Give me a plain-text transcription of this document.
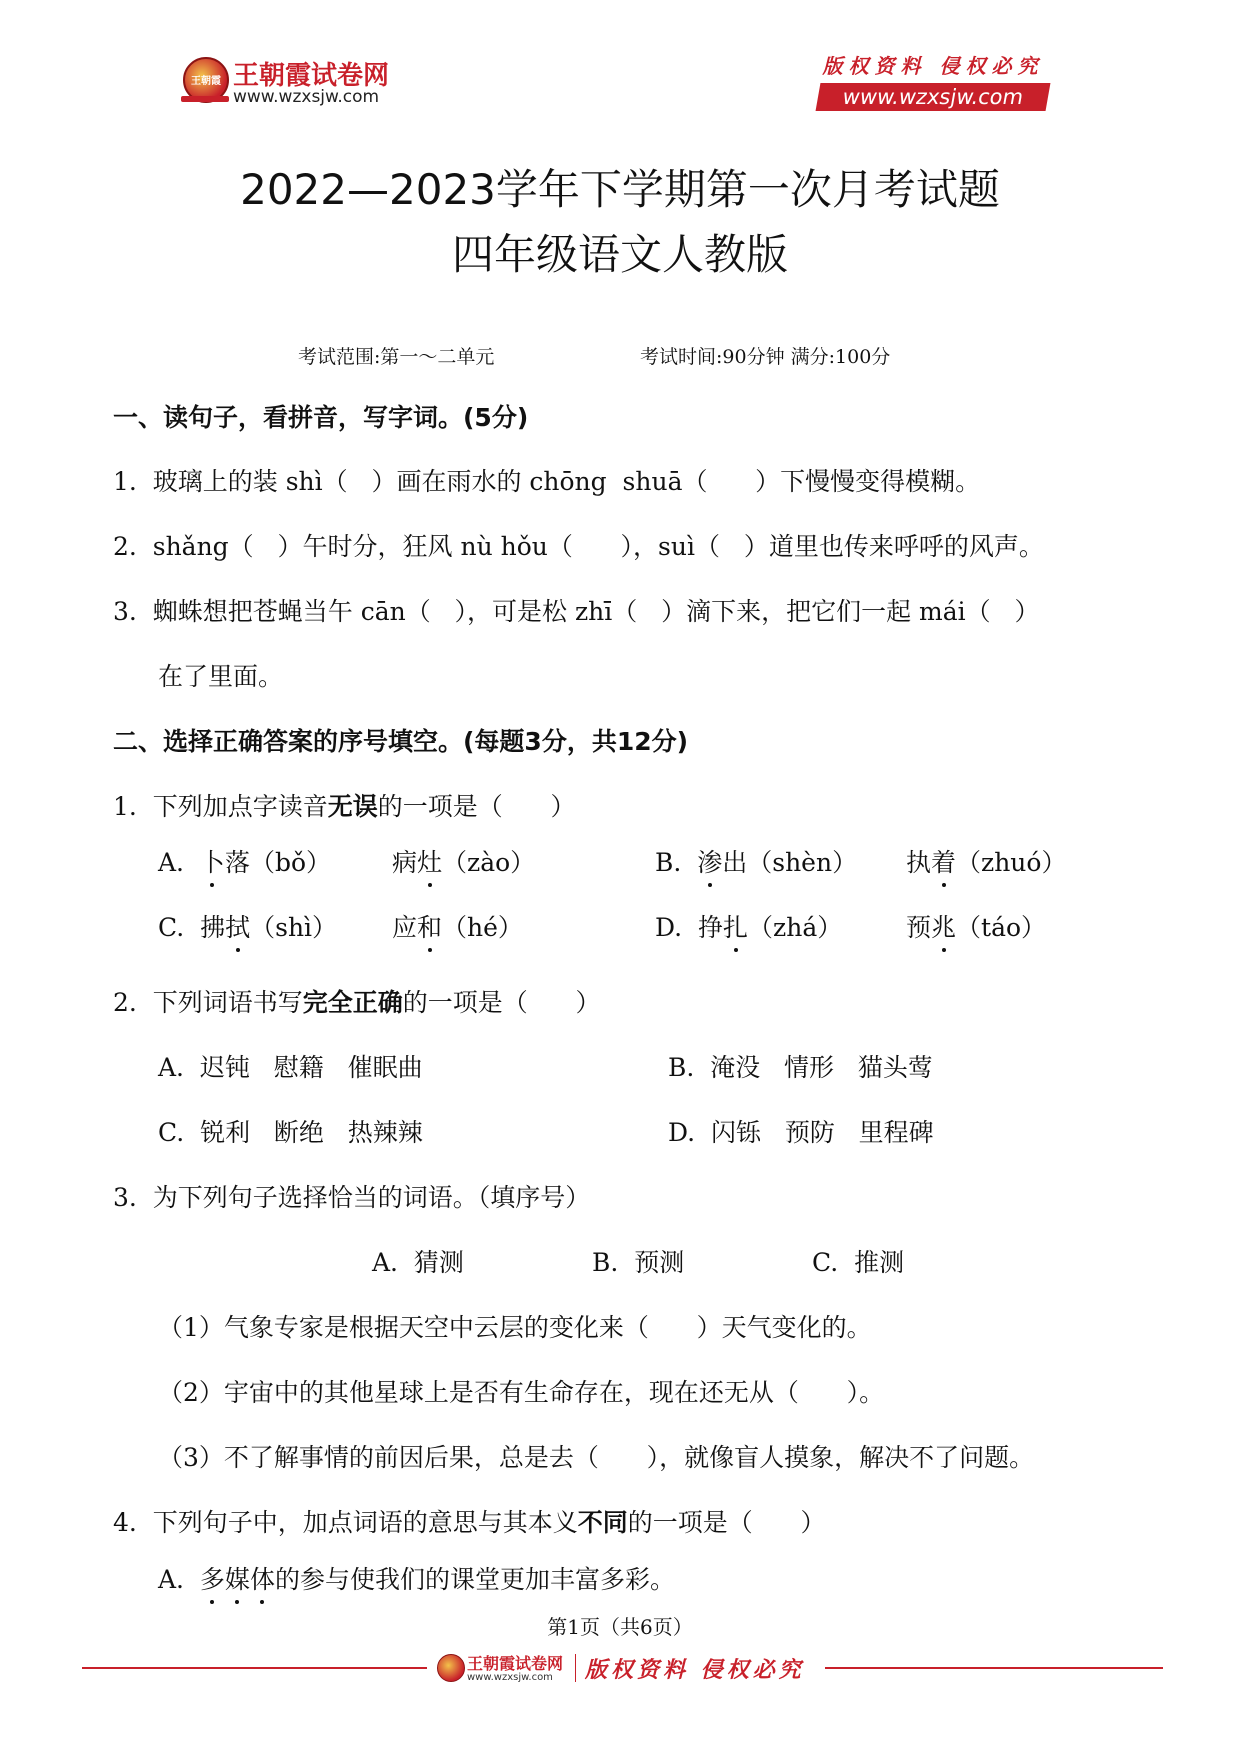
王朝霞 王朝霞试卷网
www.wzxsjw.com
版权资料 侵权必究
www.wzxsjw.com
2022—2023学年下学期第一次月考试题
四年级语文人教版
考试范围:第一～二单元	考试时间:90分钟 满分:100分
一、读句子，看拼音，写字词。(5分)
1.  玻璃上的装 shì（   ）画在雨水的 chōng  shuā（      ）下慢慢变得模糊。
2.  shǎng（   ）午时分，狂风 nù hǒu（      ），suì（   ）道里也传来呼呼的风声。
3.  蜘蛛想把苍蝇当午 cān（   ），可是松 zhī（   ）滴下来，把它们一起 mái（   ）
在了里面。
二、选择正确答案的序号填空。(每题3分，共12分)
1.  下列加点字读音无误的一项是（      ）
A. 卜落（bǒ） 病灶（zào）	B. 渗出（shèn） 执着（zhuó）
C. 拂拭（shì） 应和（hé）	D. 挣扎（zhá）	预兆（táo）
2.  下列词语书写完全正确的一项是（      ）
A.  迟钝   慰籍   催眠曲	B.  淹没   情形   猫头莺
C.  锐利   断绝   热辣辣	D.  闪铄   预防   里程碑
3.  为下列句子选择恰当的词语。（填序号）
A.  猜测	B.  预测	C.  推测
（1）气象专家是根据天空中云层的变化来（      ）天气变化的。
（2）宇宙中的其他星球上是否有生命存在，现在还无从（      ）。
（3）不了解事情的前因后果，总是去（      ），就像盲人摸象，解决不了问题。
4.  下列句子中，加点词语的意思与其本义不同的一项是（      ）
A.  多媒体的参与使我们的课堂更加丰富多彩。
第1页（共6页）
王朝霞试卷网
www.wzxsjw.com 版权资料 侵权必究
